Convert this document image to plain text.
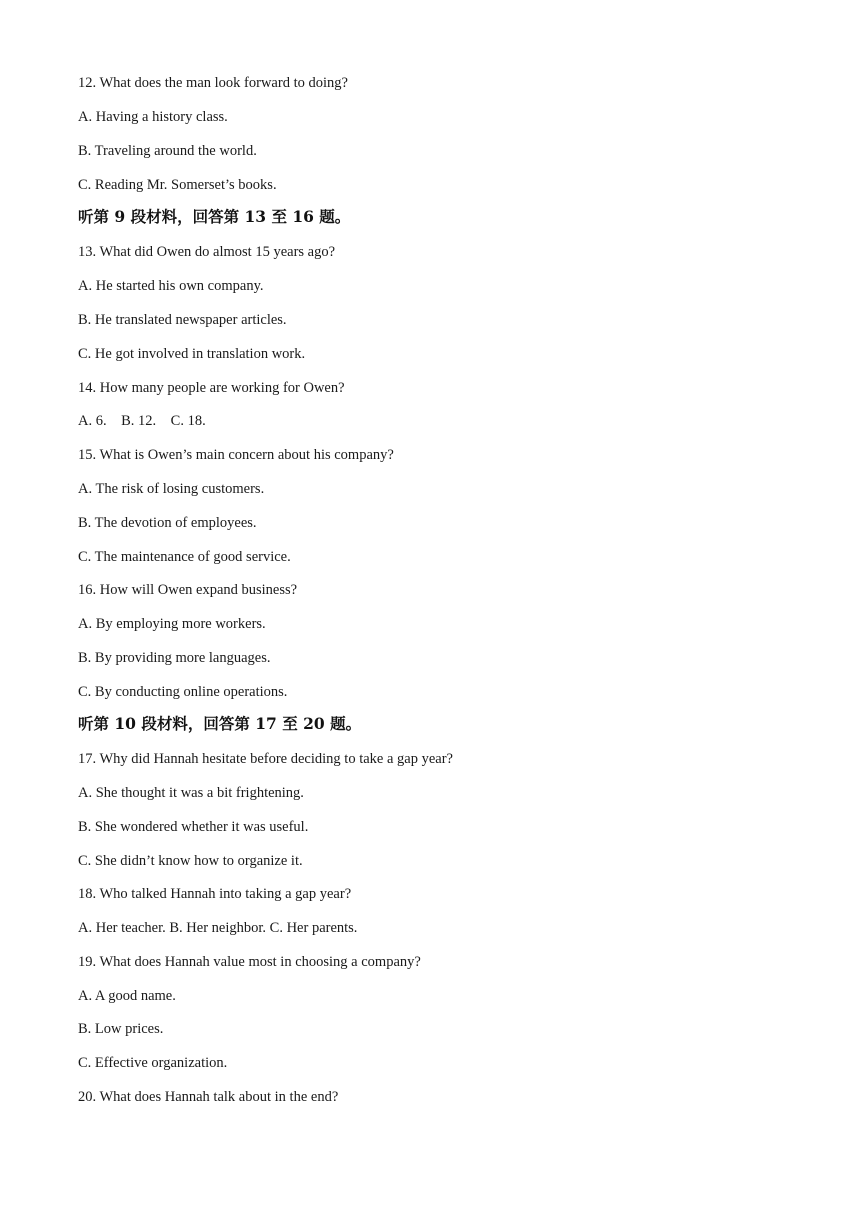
12. What does the man look forward to doing?
A. Having a history class.
B. Traveling around the world.
C. Reading Mr. Somerset’s books.
听第 9 段材料，回答第 13 至 16 题。
13. What did Owen do almost 15 years ago?
A. He started his own company.
B. He translated newspaper articles.
C. He got involved in translation work.
14. How many people are working for Owen?
A. 6.    B. 12.    C. 18.
15. What is Owen’s main concern about his company?
A. The risk of losing customers.
B. The devotion of employees.
C. The maintenance of good service.
16. How will Owen expand business?
A. By employing more workers.
B. By providing more languages.
C. By conducting online operations.
听第 10 段材料，回答第 17 至 20 题。
17. Why did Hannah hesitate before deciding to take a gap year?
A. She thought it was a bit frightening.
B. She wondered whether it was useful.
C. She didn’t know how to organize it.
18. Who talked Hannah into taking a gap year?
A. Her teacher. B. Her neighbor. C. Her parents.
19. What does Hannah value most in choosing a company?
A. A good name.
B. Low prices.
C. Effective organization.
20. What does Hannah talk about in the end?
